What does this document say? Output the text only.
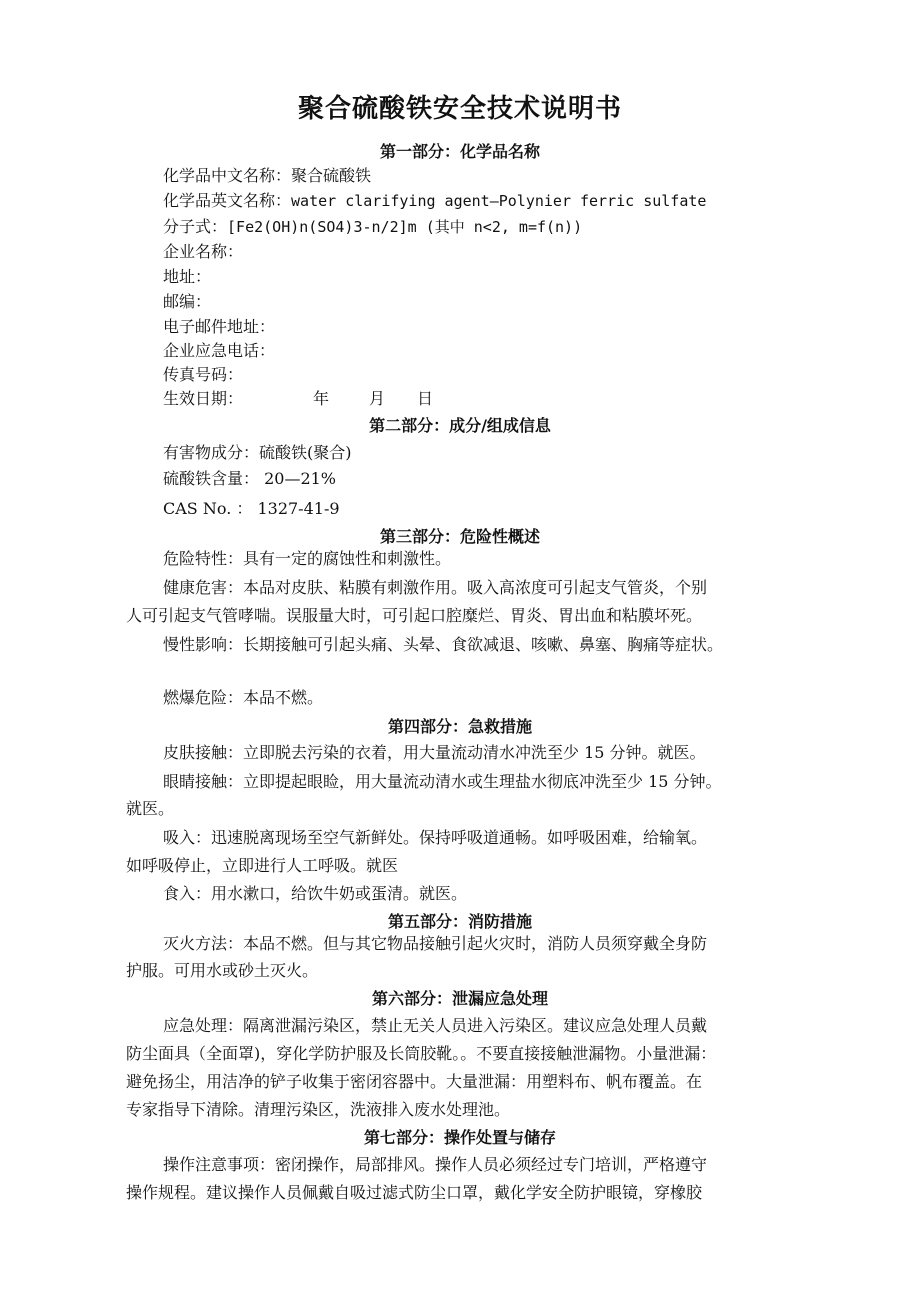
聚合硫酸铁安全技术说明书
第一部分：化学品名称
化学品中文名称：聚合硫酸铁
化学品英文名称：water clarifying agent—Polynier ferric sulfate
分子式：[Fe2(OH)n(SO4)3-n/2]m (其中 n<2, m=f(n))
企业名称：
地址：
邮编：
电子邮件地址：
企业应急电话：
传真号码：
生效日期：	年	月 日
第二部分：成分/组成信息
有害物成分：硫酸铁(聚合)
硫酸铁含量： 20—21%
CAS No. ： 1327-41-9
第三部分：危险性概述
危险特性：具有一定的腐蚀性和刺激性。
健康危害：本品对皮肤、粘膜有刺激作用。吸入高浓度可引起支气管炎，个别
人可引起支气管哮喘。误服量大时，可引起口腔糜烂、胃炎、胃出血和粘膜坏死。
慢性影响：长期接触可引起头痛、头晕、食欲减退、咳嗽、鼻塞、胸痛等症状。
燃爆危险：本品不燃。
第四部分：急救措施
皮肤接触：立即脱去污染的衣着，用大量流动清水冲洗至少 15 分钟。就医。
眼睛接触：立即提起眼睑，用大量流动清水或生理盐水彻底冲洗至少 15 分钟。
就医。
吸入：迅速脱离现场至空气新鲜处。保持呼吸道通畅。如呼吸困难，给输氧。
如呼吸停止，立即进行人工呼吸。就医
食入：用水漱口，给饮牛奶或蛋清。就医。
第五部分：消防措施
灭火方法：本品不燃。但与其它物品接触引起火灾时，消防人员须穿戴全身防
护服。可用水或砂土灭火。
第六部分：泄漏应急处理
应急处理：隔离泄漏污染区，禁止无关人员进入污染区。建议应急处理人员戴
防尘面具（全面罩)，穿化学防护服及长筒胶靴。。不要直接接触泄漏物。小量泄漏：
避免扬尘，用洁净的铲子收集于密闭容器中。大量泄漏：用塑料布、帆布覆盖。在
专家指导下清除。清理污染区，洗液排入废水处理池。
第七部分：操作处置与储存
操作注意事项：密闭操作，局部排风。操作人员必须经过专门培训，严格遵守
操作规程。建议操作人员佩戴自吸过滤式防尘口罩，戴化学安全防护眼镜，穿橡胶
